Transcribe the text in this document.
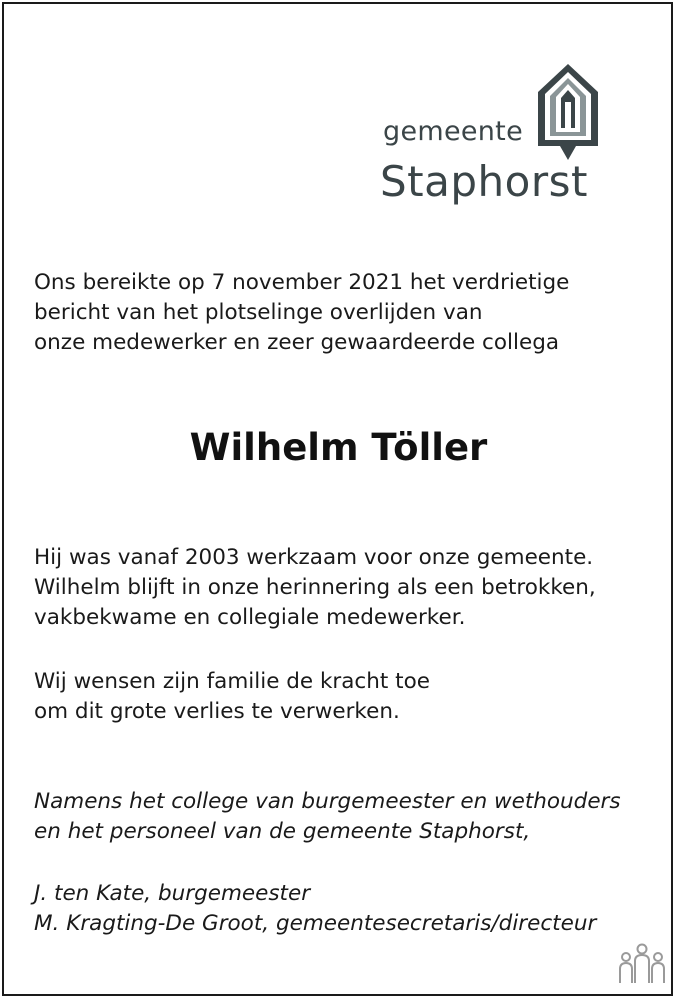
gemeente
Staphorst
Ons bereikte op 7 november 2021 het verdrietige
bericht van het plotselinge overlijden van
onze medewerker en zeer gewaardeerde collega
Wilhelm Töller
Hij was vanaf 2003 werkzaam voor onze gemeente.
Wilhelm blijft in onze herinnering als een betrokken,
vakbekwame en collegiale medewerker.
Wij wensen zijn familie de kracht toe
om dit grote verlies te verwerken.
Namens het college van burgemeester en wethouders
en het personeel van de gemeente Staphorst,
J. ten Kate, burgemeester
M. Kragting-De Groot, gemeentesecretaris/directeur
